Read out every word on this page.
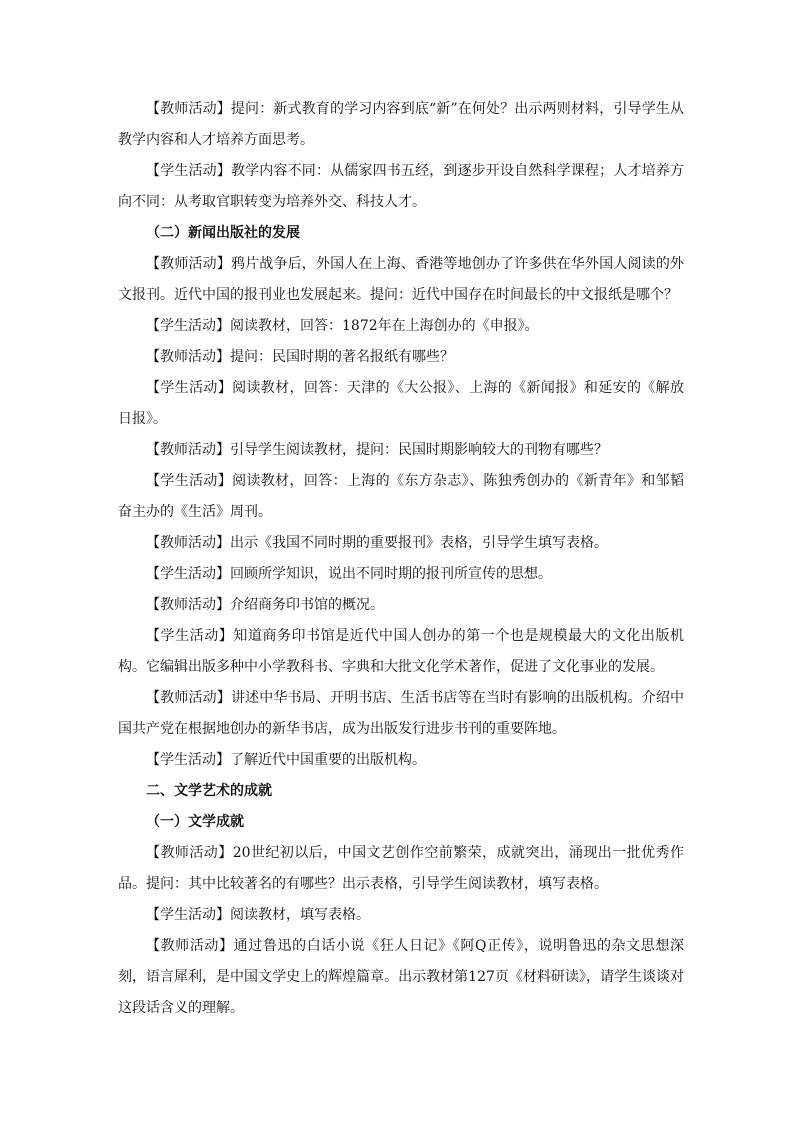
【教师活动】提问：新式教育的学习内容到底“新”在何处？出示两则材料，引导学生从教学内容和人才培养方面思考。

【学生活动】教学内容不同：从儒家四书五经，到逐步开设自然科学课程；人才培养方向不同：从考取官职转变为培养外交、科技人才。

（二）新闻出版社的发展

【教师活动】鸦片战争后，外国人在上海、香港等地创办了许多供在华外国人阅读的外文报刊。近代中国的报刊业也发展起来。提问：近代中国存在时间最长的中文报纸是哪个？

【学生活动】阅读教材，回答：1872年在上海创办的《申报》。

【教师活动】提问：民国时期的著名报纸有哪些？

【学生活动】阅读教材，回答：天津的《大公报》、上海的《新闻报》和延安的《解放日报》。

【教师活动】引导学生阅读教材，提问：民国时期影响较大的刊物有哪些？

【学生活动】阅读教材，回答：上海的《东方杂志》、陈独秀创办的《新青年》和邹韬奋主办的《生活》周刊。

【教师活动】出示《我国不同时期的重要报刊》表格，引导学生填写表格。

【学生活动】回顾所学知识，说出不同时期的报刊所宣传的思想。

【教师活动】介绍商务印书馆的概况。

【学生活动】知道商务印书馆是近代中国人创办的第一个也是规模最大的文化出版机构。它编辑出版多种中小学教科书、字典和大批文化学术著作，促进了文化事业的发展。

【教师活动】讲述中华书局、开明书店、生活书店等在当时有影响的出版机构。介绍中国共产党在根据地创办的新华书店，成为出版发行进步书刊的重要阵地。

【学生活动】了解近代中国重要的出版机构。

二、文学艺术的成就

（一）文学成就

【教师活动】20世纪初以后，中国文艺创作空前繁荣，成就突出，涌现出一批优秀作品。提问：其中比较著名的有哪些？出示表格，引导学生阅读教材，填写表格。

【学生活动】阅读教材，填写表格。

【教师活动】通过鲁迅的白话小说《狂人日记》《阿Q正传》，说明鲁迅的杂文思想深刻，语言犀利，是中国文学史上的辉煌篇章。出示教材第127页《材料研读》，请学生谈谈对这段话含义的理解。
